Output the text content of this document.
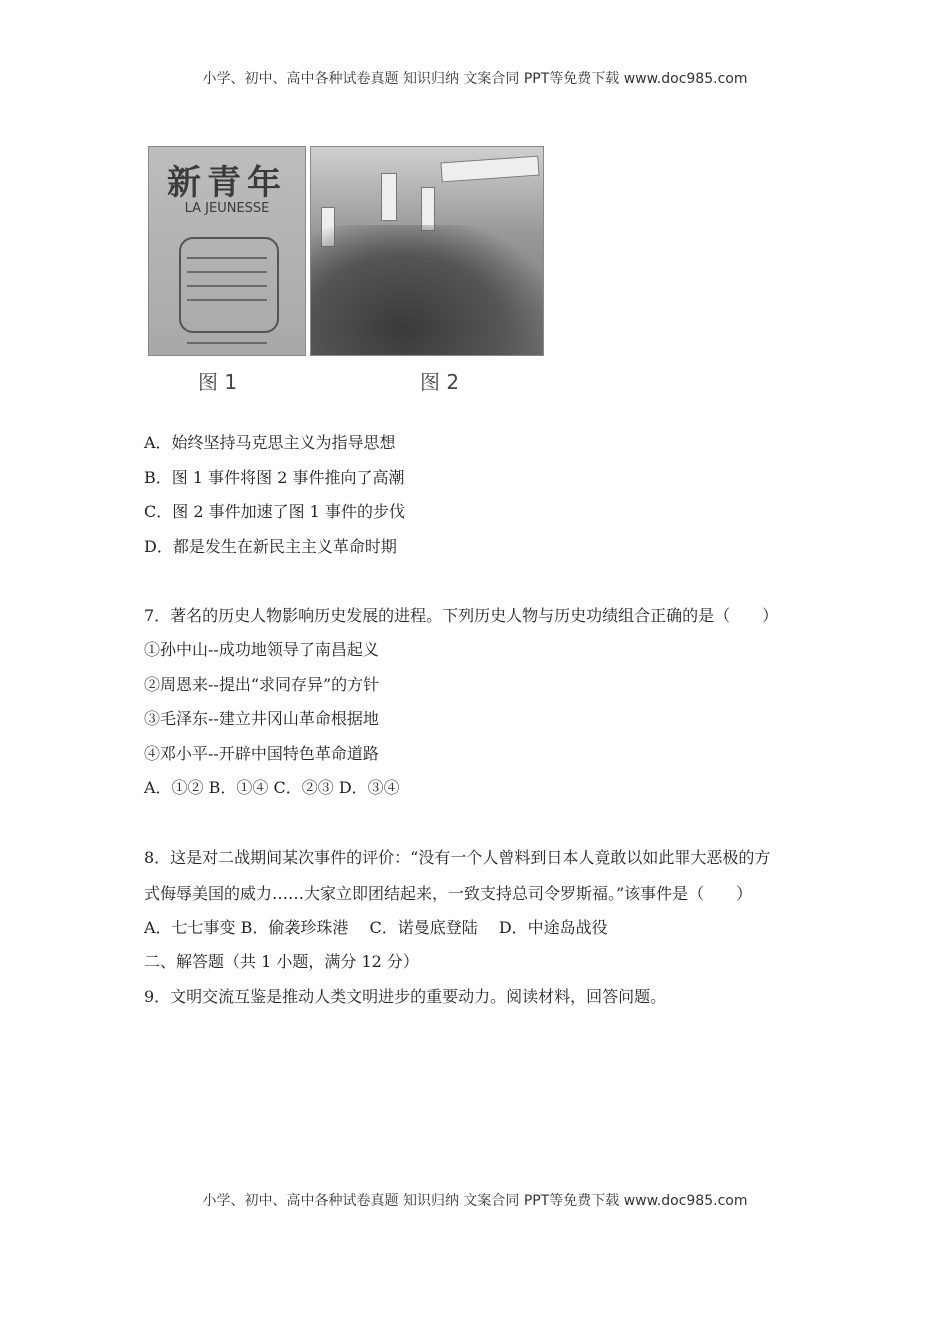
小学、初中、高中各种试卷真题 知识归纳 文案合同 PPT等免费下载 www.doc985.com
新青年
LA JEUNESSE
图 1	图 2
A．始终坚持马克思主义为指导思想
B．图 1 事件将图 2 事件推向了高潮
C．图 2 事件加速了图 1 事件的步伐
D．都是发生在新民主主义革命时期
7．著名的历史人物影响历史发展的进程。下列历史人物与历史功绩组合正确的是（　　）
①孙中山--成功地领导了南昌起义
②周恩来--提出“求同存异”的方针
③毛泽东--建立井冈山革命根据地
④邓小平--开辟中国特色革命道路
A．①② B．①④ C．②③ D．③④
8．这是对二战期间某次事件的评价：“没有一个人曾料到日本人竟敢以如此罪大恶极的方
式侮辱美国的威力……大家立即团结起来，一致支持总司令罗斯福。”该事件是（　　）
A．七七事变 B．偷袭珍珠港　 C．诺曼底登陆　 D．中途岛战役
二、解答题（共 1 小题，满分 12 分）
9．文明交流互鉴是推动人类文明进步的重要动力。阅读材料，回答问题。
小学、初中、高中各种试卷真题 知识归纳 文案合同 PPT等免费下载 www.doc985.com
